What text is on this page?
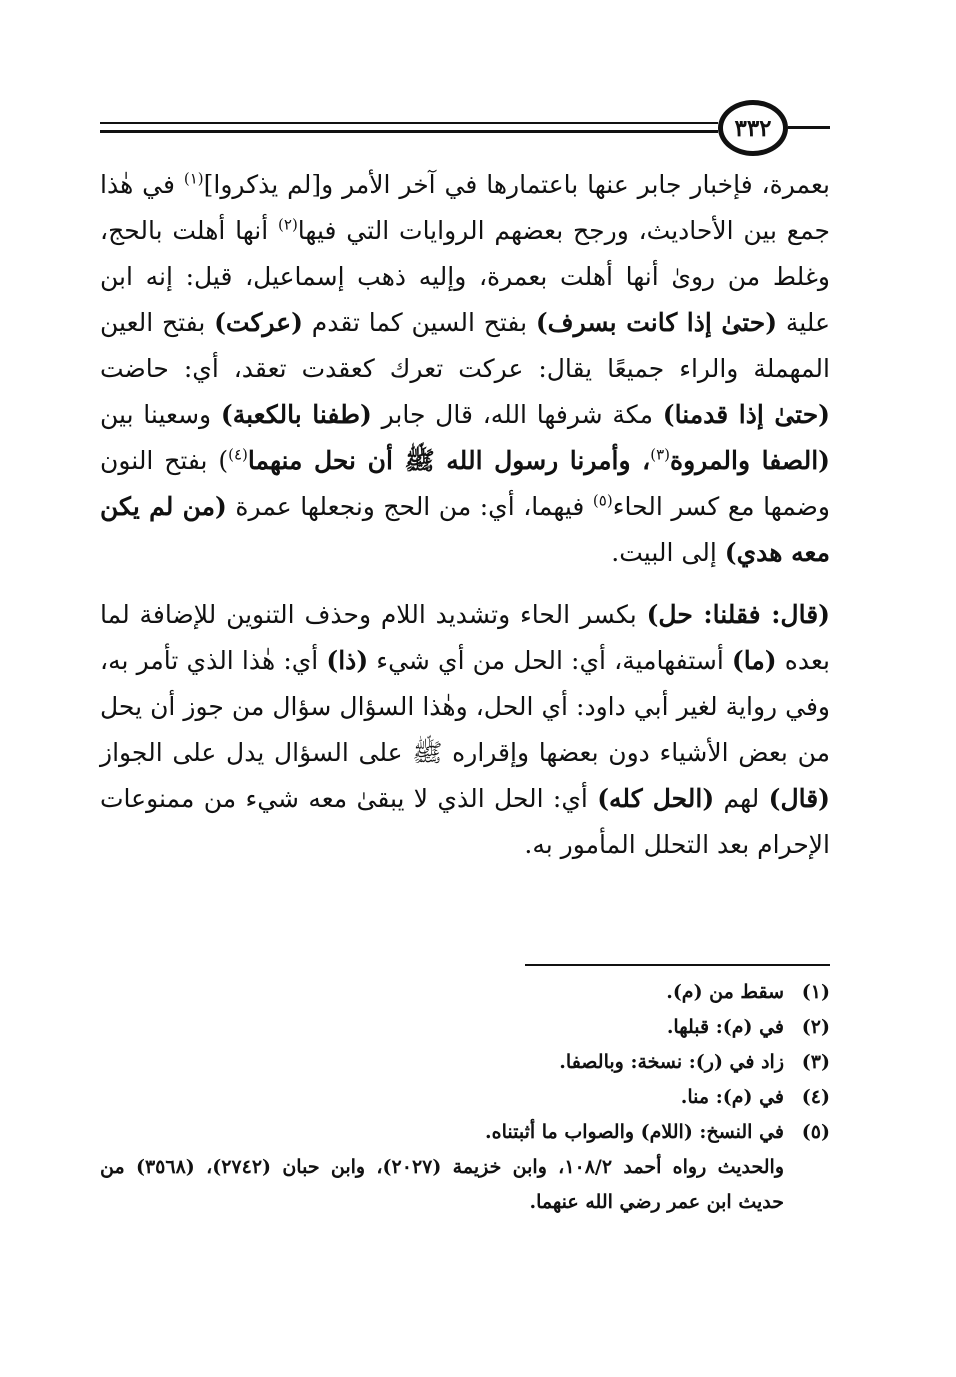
٣٣٢

بعمرة، فإخبار جابر عنها باعتمارها في آخر الأمر و[لم يذكروا]$^{(١)}$ في هٰذا جمع بين الأحاديث، ورجح بعضهم الروايات التي فيها$^{(٢)}$ أنها أهلت بالحج، وغلط من روىٰ أنها أهلت بعمرة، وإليه ذهب إسماعيل، قيل: إنه ابن علية (حتىٰ إذا كانت بسرف) بفتح السين كما تقدم (عركت) بفتح العين المهملة والراء جميعًا يقال: عركت تعرك كعقدت تعقد، أي: حاضت (حتىٰ إذا قدمنا) مكة شرفها الله، قال جابر (طفنا بالكعبة) وسعينا بين (الصفا والمروة$^{(٣)}$، وأمرنا رسول الله ﷺ أن نحل منهما$^{(٤)}$) بفتح النون وضمها مع كسر الحاء$^{(٥)}$ فيهما، أي: من الحج ونجعلها عمرة (من لم يكن معه هدي) إلى البيت.

(قال: فقلنا: حل) بكسر الحاء وتشديد اللام وحذف التنوين للإضافة لما بعده (ما) أستفهامية، أي: الحل من أي شيء (ذا) أي: هٰذا الذي تأمر به، وفي رواية لغير أبي داود: أي الحل، وهٰذا السؤال سؤال من جوز أن يحل من بعض الأشياء دون بعضها وإقراره ﷺ على السؤال يدل على الجواز (قال) لهم (الحل كله) أي: الحل الذي لا يبقىٰ معه شيء من ممنوعات الإحرام بعد التحلل المأمور به.

(١)
سقط من (م).
(٢)
في (م): قبلها.
(٣)
زاد في (ر): نسخة: وبالصفا.
(٤)
في (م): منا.
(٥)
في النسخ: (اللام) والصواب ما أثبتناه.
والحديث رواه أحمد ١٠٨/٢، وابن خزيمة (٢٠٢٧)، وابن حبان (٢٧٤٢)، (٣٥٦٨) من حديث ابن عمر رضي الله عنهما.
